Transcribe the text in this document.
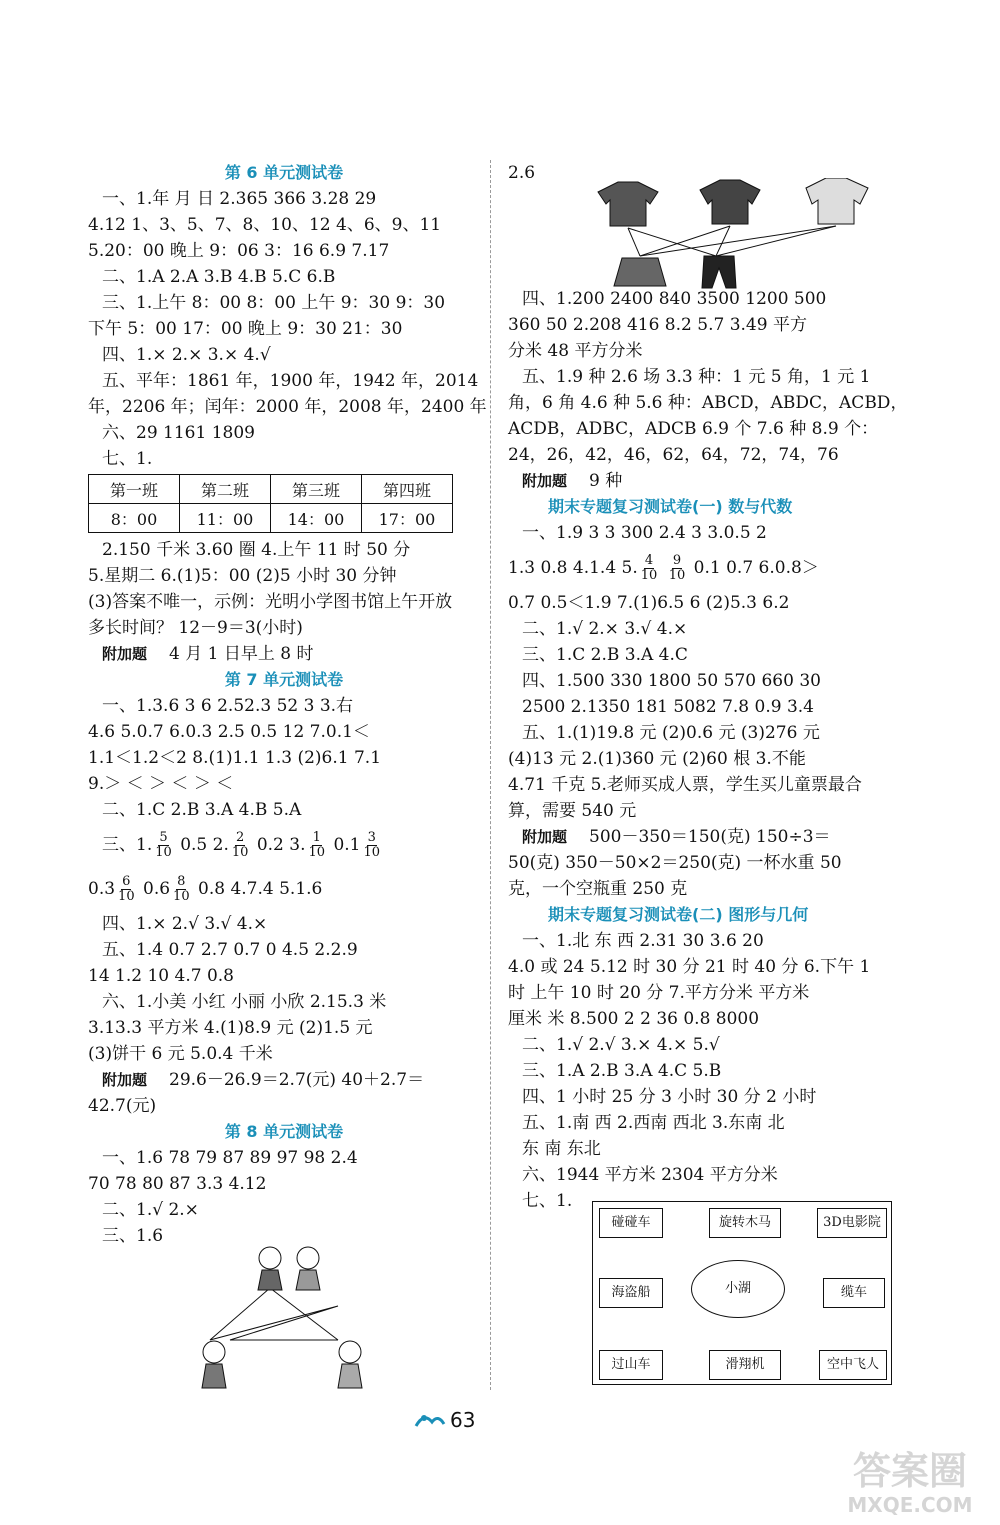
第 6 单元测试卷

一、1.年 月 日 2.365 366 3.28 29

4.12 1、3、5、7、8、10、12 4、6、9、11

5.20：00 晚上 9：06 3：16 6.9 7.17

二、1.A 2.A 3.B 4.B 5.C 6.B

三、1.上午 8：00 8：00 上午 9：30 9：30

下午 5：00 17：00 晚上 9：30 21：30

四、1.× 2.× 3.× 4.√

五、平年：1861 年，1900 年，1942 年，2014

年，2206 年；闰年：2000 年，2008 年，2400 年

六、29 1161 1809

七、1.

第一班	第二班	第三班	第四班
8：00	11：00	14：00	17：00

2.150 千米 3.60 圈 4.上午 11 时 50 分

5.星期二 6.(1)5：00 (2)5 小时 30 分钟

(3)答案不唯一，示例：光明小学图书馆上午开放

多长时间？ 12－9＝3(小时)

附加题 4 月 1 日早上 8 时

第 7 单元测试卷

一、1.3.6 3 6 2.52.3 52 3 3.右

4.6 5.0.7 6.0.3 2.5 0.5 12 7.0.1＜

1.1＜1.2＜2 8.(1)1.1 1.3 (2)6.1 7.1

9.＞ ＜ ＞ ＜ ＞ ＜

二、1.C 2.B 3.A 4.B 5.A

三、1. $\frac{5}{10} 0.5$ 2. $\frac{2}{10} 0.2$ 3. $\frac{1}{10} 0.1 \frac{3}{10}$

$0.3 \frac{6}{10} 0.6 \frac{8}{10} 0.8$ 4.7.4 5.1.6

四、1.× 2.√ 3.√ 4.×

五、1.4 0.7 2.7 0.7 0 4.5 2.2.9

14 1.2 10 4.7 0.8

六、1.小美 小红 小丽 小欣 2.15.3 米

3.13.3 平方米 4.(1)8.9 元 (2)1.5 元

(3)饼干 6 元 5.0.4 千米

附加题 29.6－26.9＝2.7(元) 40＋2.7＝

42.7(元)

第 8 单元测试卷

一、1.6 78 79 87 89 97 98 2.4

70 78 80 87 3.3 4.12

二、1.√ 2.×

三、1.6

2.6

四、1.200 2400 840 3500 1200 500

360 50 2.208 416 8.2 5.7 3.49 平方

分米 48 平方分米

五、1.9 种 2.6 场 3.3 种：1 元 5 角，1 元 1

角，6 角 4.6 种 5.6 种：ABCD，ABDC，ACBD，

ACDB，ADBC，ADCB 6.9 个 7.6 种 8.9 个：

24，26，42，46，62，64，72，74，76

附加题 9 种

期末专题复习测试卷(一) 数与代数

一、1.9 3 3 300 2.4 3 3.0.5 2

1.3 0.8 4.1.4 5. $\frac{4}{10}$
$\frac{9}{10} 0.1$ 0.7 6.0.8＞

0.7 0.5＜1.9 7.(1)6.5 6 (2)5.3 6.2

二、1.√ 2.× 3.√ 4.×

三、1.C 2.B 3.A 4.C

四、1.500 330 1800 50 570 660 30

2500 2.1350 181 5082 7.8 0.9 3.4

五、1.(1)19.8 元 (2)0.6 元 (3)276 元

(4)13 元 2.(1)360 元 (2)60 根 3.不能

4.71 千克 5.老师买成人票，学生买儿童票最合

算，需要 540 元

附加题 500－350＝150(克) 150÷3＝

50(克) 350－50×2＝250(克) 一杯水重 50

克，一个空瓶重 250 克

期末专题复习测试卷(二) 图形与几何

一、1.北 东 西 2.31 30 3.6 20

4.0 或 24 5.12 时 30 分 21 时 40 分 6.下午 1

时 上午 10 时 20 分 7.平方分米 平方米

厘米 米 8.500 2 2 36 0.8 8000

二、1.√ 2.√ 3.× 4.× 5.√

三、1.A 2.B 3.A 4.C 5.B

四、1 小时 25 分 3 小时 30 分 2 小时

五、1.南 西 2.西南 西北 3.东南 北

东 南 东北

六、1944 平方米 2304 平方分米

七、1.

碰碰车	旋转木马	3D电影院
海盗船	小湖	缆车
过山车	滑翔机	空中飞人
63
答案圈
MXQE.COM
